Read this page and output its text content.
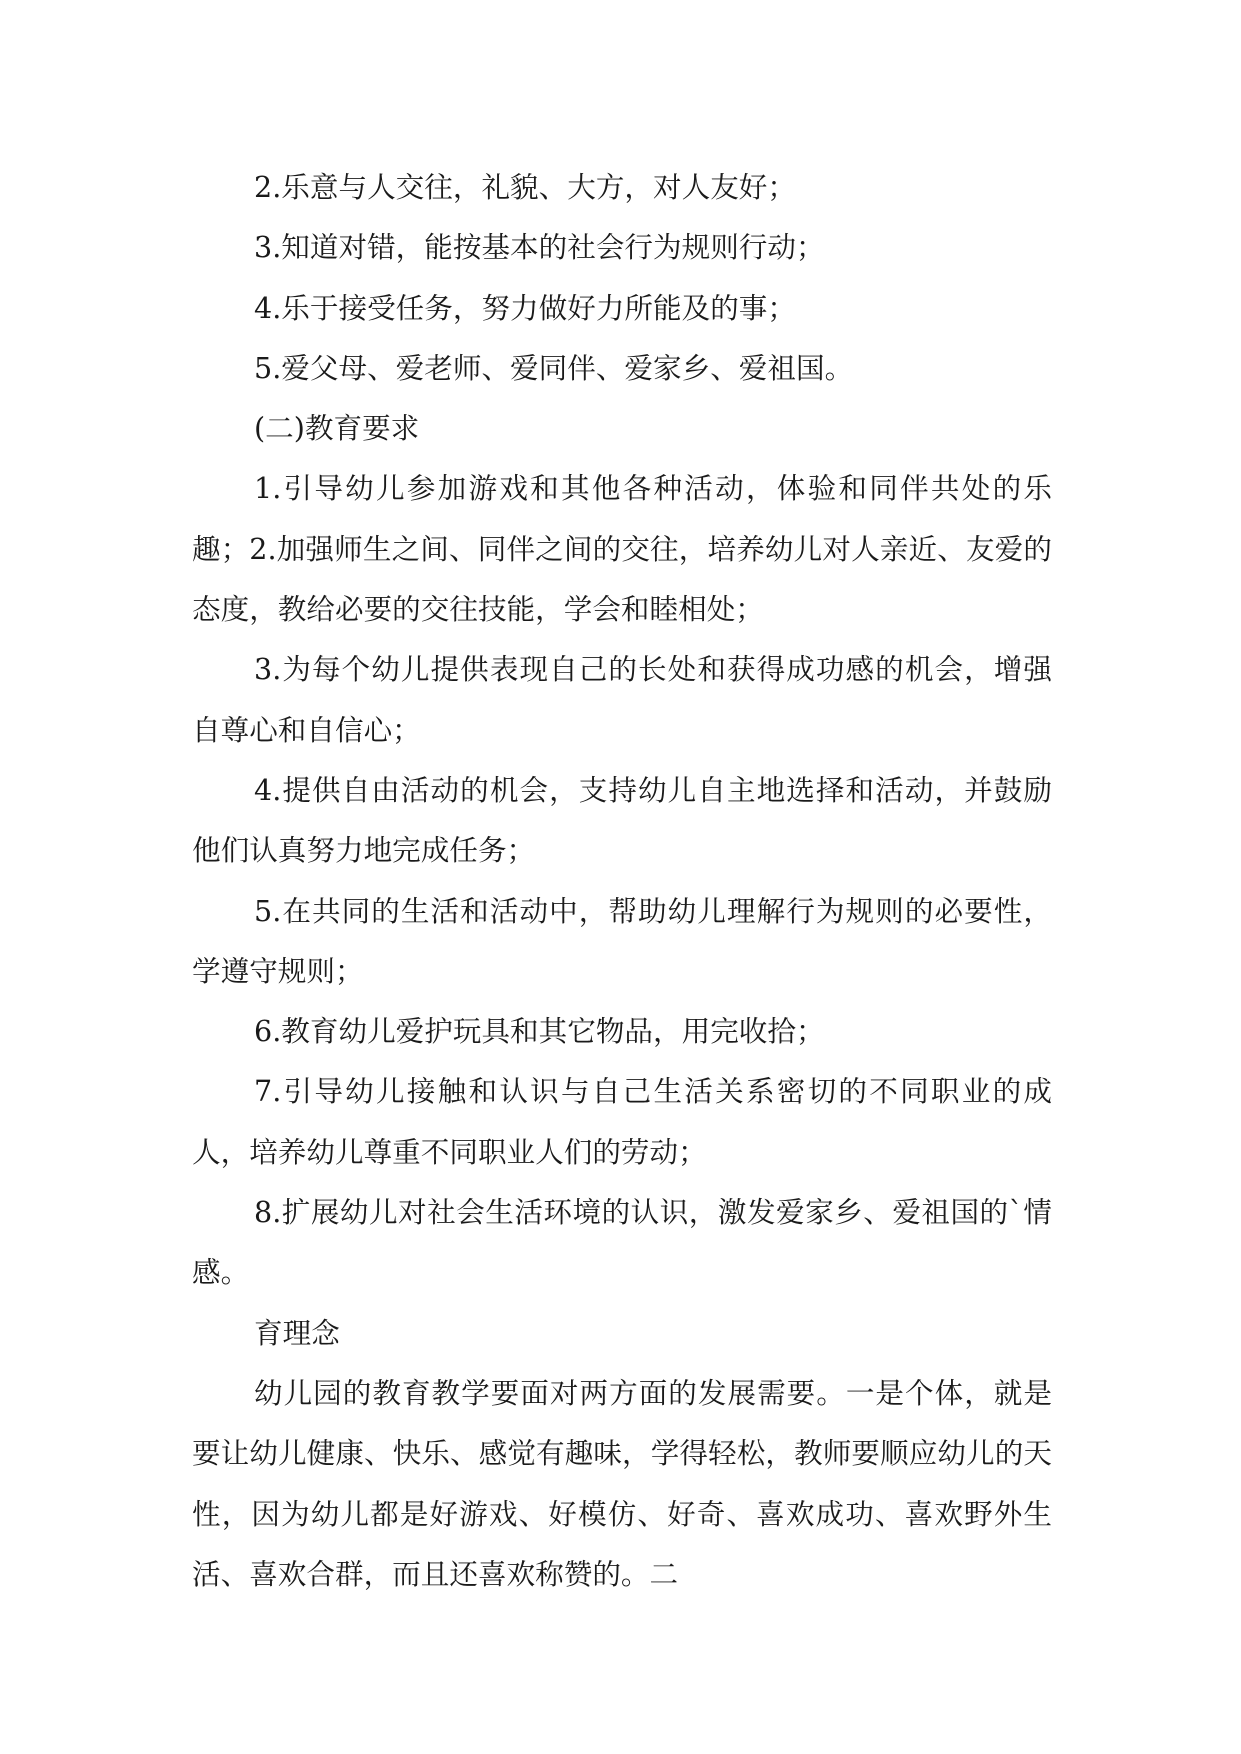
2.乐意与人交往，礼貌、大方，对人友好；

3.知道对错，能按基本的社会行为规则行动；

4.乐于接受任务，努力做好力所能及的事；

5.爱父母、爱老师、爱同伴、爱家乡、爱祖国。

(二)教育要求

1.引导幼儿参加游戏和其他各种活动，体验和同伴共处的乐趣；2.加强师生之间、同伴之间的交往，培养幼儿对人亲近、友爱的态度，教给必要的交往技能，学会和睦相处；

3.为每个幼儿提供表现自己的长处和获得成功感的机会，增强自尊心和自信心；

4.提供自由活动的机会，支持幼儿自主地选择和活动，并鼓励他们认真努力地完成任务；

5.在共同的生活和活动中，帮助幼儿理解行为规则的必要性，学遵守规则；

6.教育幼儿爱护玩具和其它物品，用完收拾；

7.引导幼儿接触和认识与自己生活关系密切的不同职业的成人，培养幼儿尊重不同职业人们的劳动；

8.扩展幼儿对社会生活环境的认识，激发爱家乡、爱祖国的`情感。

育理念

幼儿园的教育教学要面对两方面的发展需要。一是个体，就是要让幼儿健康、快乐、感觉有趣味，学得轻松，教师要顺应幼儿的天性，因为幼儿都是好游戏、好模仿、好奇、喜欢成功、喜欢野外生活、喜欢合群，而且还喜欢称赞的。二
